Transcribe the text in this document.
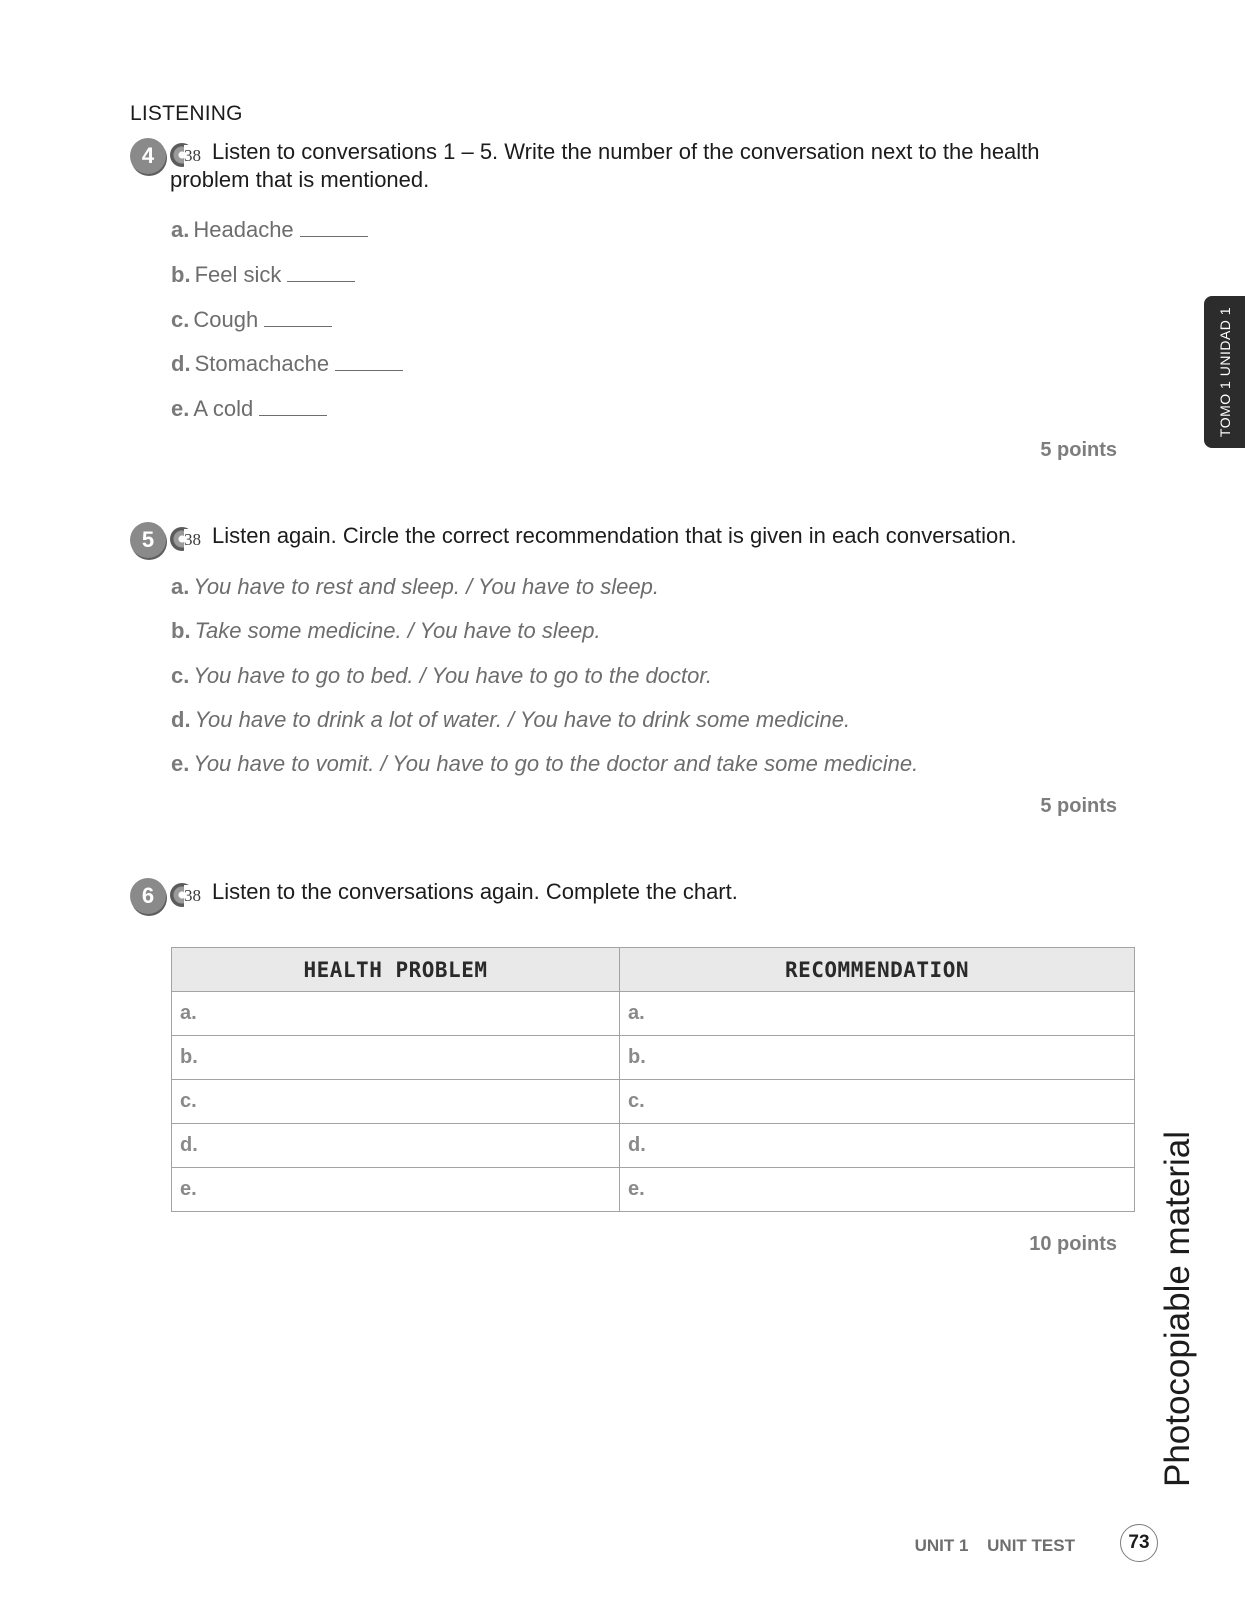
LISTENING
4	38 Listen to conversations 1 – 5. Write the number of the conversation next to the health
problem that is mentioned.
a. Headache
b. Feel sick
c. Cough
d. Stomachache
e. A cold
5 points
5	38 Listen again. Circle the correct recommendation that is given in each conversation.
a. You have to rest and sleep. / You have to sleep.
b. Take some medicine. / You have to sleep.
c. You have to go to bed. / You have to go to the doctor.
d. You have to drink a lot of water. / You have to drink some medicine.
e. You have to vomit. / You have to go to the doctor and take some medicine.
5 points
6	38 Listen to the conversations again. Complete the chart.
HEALTH PROBLEM	RECOMMENDATION
a.	a.
b.	b.
c.	c.
d.	d.
e.	e.
10 points
TOMO 1 UNIDAD 1
Photocopiable material
UNIT 1 UNIT TEST	73
